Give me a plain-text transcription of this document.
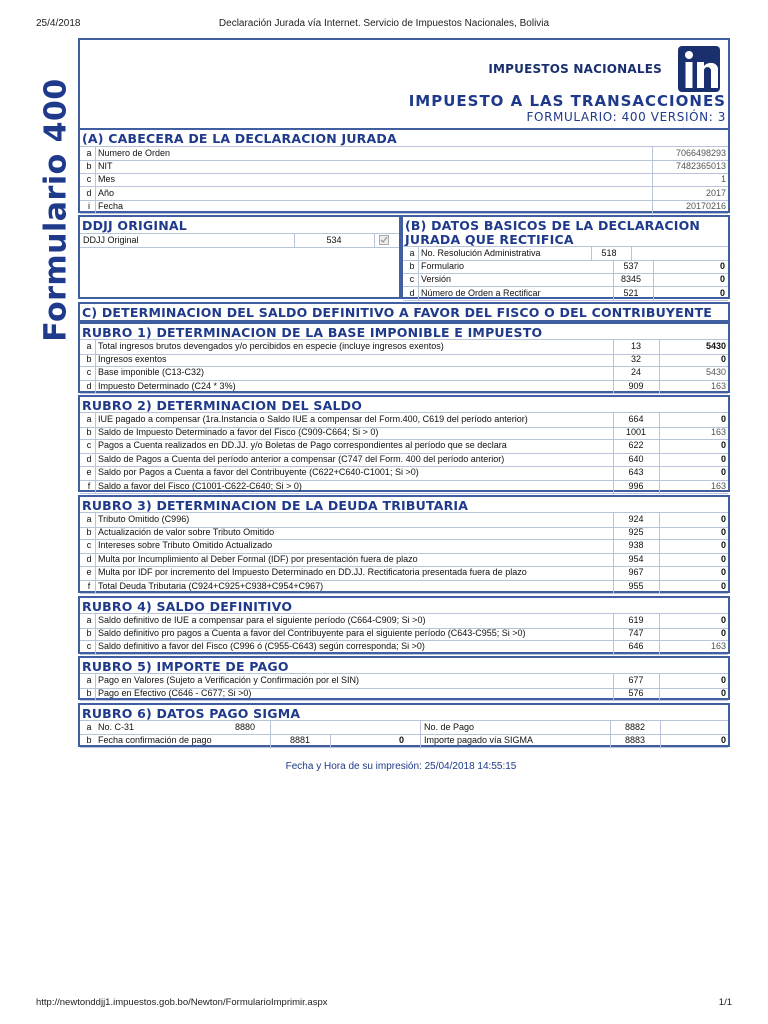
25/4/2018	Declaración Jurada vía Internet. Servicio de Impuestos Nacionales, Bolivia
Formulario 400
IMPUESTOS NACIONALES
IMPUESTO A LAS TRANSACCIONES
FORMULARIO: 400 VERSIÓN: 3
(A) CABECERA DE LA DECLARACION JURADA
a Numero de Orden	7066498293
b NIT	7482365013
c Mes	1
d Año	2017
i Fecha	20170216
DDJJ ORIGINAL
DDJJ Original	534
(B) DATOS BASICOS DE LA DECLARACION
JURADA QUE RECTIFICA
a No. Resolución Administrativa	518
b Formulario	537	0
c Versión	8345	0
d Número de Orden a Rectificar	521	0
C) DETERMINACION DEL SALDO DEFINITIVO A FAVOR DEL FISCO O DEL CONTRIBUYENTE
RUBRO 1) DETERMINACION DE LA BASE IMPONIBLE E IMPUESTO
a Total ingresos brutos devengados y/o percibidos en especie (incluye ingresos exentos)	13	5430
b Ingresos exentos	32	0
c Base imponible (C13-C32)	24	5430
d Impuesto Determinado (C24 * 3%)	909	163
RUBRO 2) DETERMINACION DEL SALDO
a IUE pagado a compensar (1ra.Instancia o Saldo IUE a compensar del Form.400, C619 del período anterior)	664	0
b Saldo de Impuesto Determinado a favor del Fisco (C909-C664; Si > 0)	1001	163
c Pagos a Cuenta realizados en DD.JJ. y/o Boletas de Pago correspondientes al período que se declara	622	0
d Saldo de Pagos a Cuenta del período anterior a compensar (C747 del Form. 400 del período anterior)	640	0
e Saldo por Pagos a Cuenta a favor del Contribuyente (C622+C640-C1001; Si >0)	643	0
f Saldo a favor del Fisco (C1001-C622-C640; Si > 0)	996	163
RUBRO 3) DETERMINACION DE LA DEUDA TRIBUTARIA
a Tributo Omitido (C996)	924	0
b Actualización de valor sobre Tributo Omitido	925	0
c Intereses sobre Tributo Omitido Actualizado	938	0
d Multa por Incumplimiento al Deber Formal (IDF) por presentación fuera de plazo	954	0
e Multa por IDF por incremento del Impuesto Determinado en DD.JJ. Rectificatoria presentada fuera de plazo	967	0
f Total Deuda Tributaria (C924+C925+C938+C954+C967)	955	0
RUBRO 4) SALDO DEFINITIVO
a Saldo definitivo de IUE a compensar para el siguiente período (C664-C909; Si >0)	619	0
b Saldo definitivo pro pagos a Cuenta a favor del Contribuyente para el siguiente período (C643-C955; Si >0)	747	0
c Saldo definitivo a favor del Fisco (C996 ó (C955-C643) según corresponda; Si >0)	646	163
RUBRO 5) IMPORTE DE PAGO
a Pago en Valores (Sujeto a Verificación y Confirmación por el SIN)	677	0
b Pago en Efectivo (C646 - C677; Si >0)	576	0
RUBRO 6) DATOS PAGO SIGMA
a No. C-31	8880	No. de Pago	8882
b Fecha confirmación de pago	8881	0 Importe pagado vía SIGMA	8883	0
Fecha y Hora de su impresión: 25/04/2018 14:55:15
http://newtonddjj1.impuestos.gob.bo/Newton/FormularioImprimir.aspx	1/1
